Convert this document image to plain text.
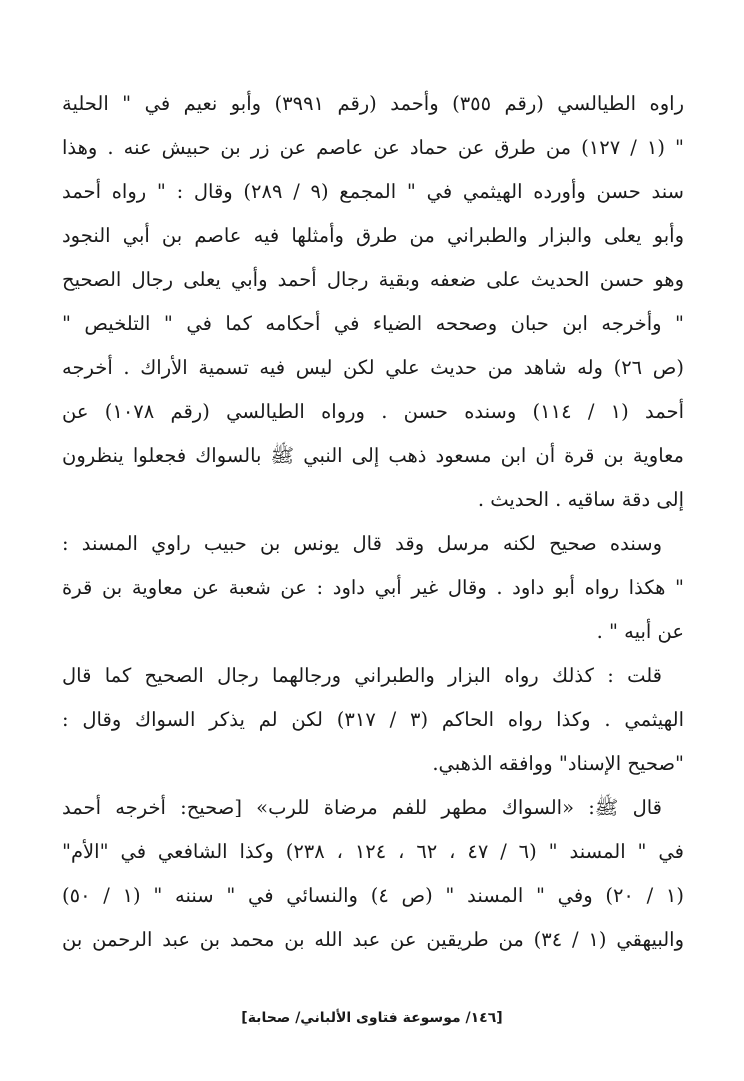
راوه الطيالسي (رقم ٣٥٥) وأحمد (رقم ٣٩٩١) وأبو نعيم في " الحلية
" (١ / ١٢٧) من طرق عن حماد عن عاصم عن زر بن حبيش عنه . وهذا
سند حسن وأورده الهيثمي في " المجمع (٩ / ٢٨٩) وقال : " رواه أحمد
وأبو يعلى والبزار والطبراني من طرق وأمثلها فيه عاصم بن أبي النجود
وهو حسن الحديث على ضعفه وبقية رجال أحمد وأبي يعلى رجال الصحيح
" وأخرجه ابن حبان وصححه الضياء في أحكامه كما في " التلخيص "
(ص ٢٦) وله شاهد من حديث علي لكن ليس فيه تسمية الأراك . أخرجه
أحمد (١ / ١١٤) وسنده حسن . ورواه الطيالسي (رقم ١٠٧٨) عن
معاوية بن قرة أن ابن مسعود ذهب إلى النبي ﷺ بالسواك فجعلوا ينظرون
إلى دقة ساقيه . الحديث .
وسنده صحيح لكنه مرسل وقد قال يونس بن حبيب راوي المسند :
" هكذا رواه أبو داود . وقال غير أبي داود : عن شعبة عن معاوية بن قرة
عن أبيه " .
قلت : كذلك رواه البزار والطبراني ورجالهما رجال الصحيح كما قال
الهيثمي . وكذا رواه الحاكم (٣ / ٣١٧) لكن لم يذكر السواك وقال :
"صحيح الإسناد" ووافقه الذهبي.
قال ﷺ: «السواك مطهر للفم مرضاة للرب» [صحيح: أخرجه أحمد
في " المسند " (٦ / ٤٧ ، ٦٢ ، ١٢٤ ، ٢٣٨) وكذا الشافعي في "الأم"
(١ / ٢٠) وفي " المسند " (ص ٤) والنسائي في " سننه " (١ / ٥٠)
والبيهقي (١ / ٣٤) من طريقين عن عبد الله بن محمد بن عبد الرحمن بن
[١٤٦/ موسوعة فتاوى الألباني/ صحابة]
